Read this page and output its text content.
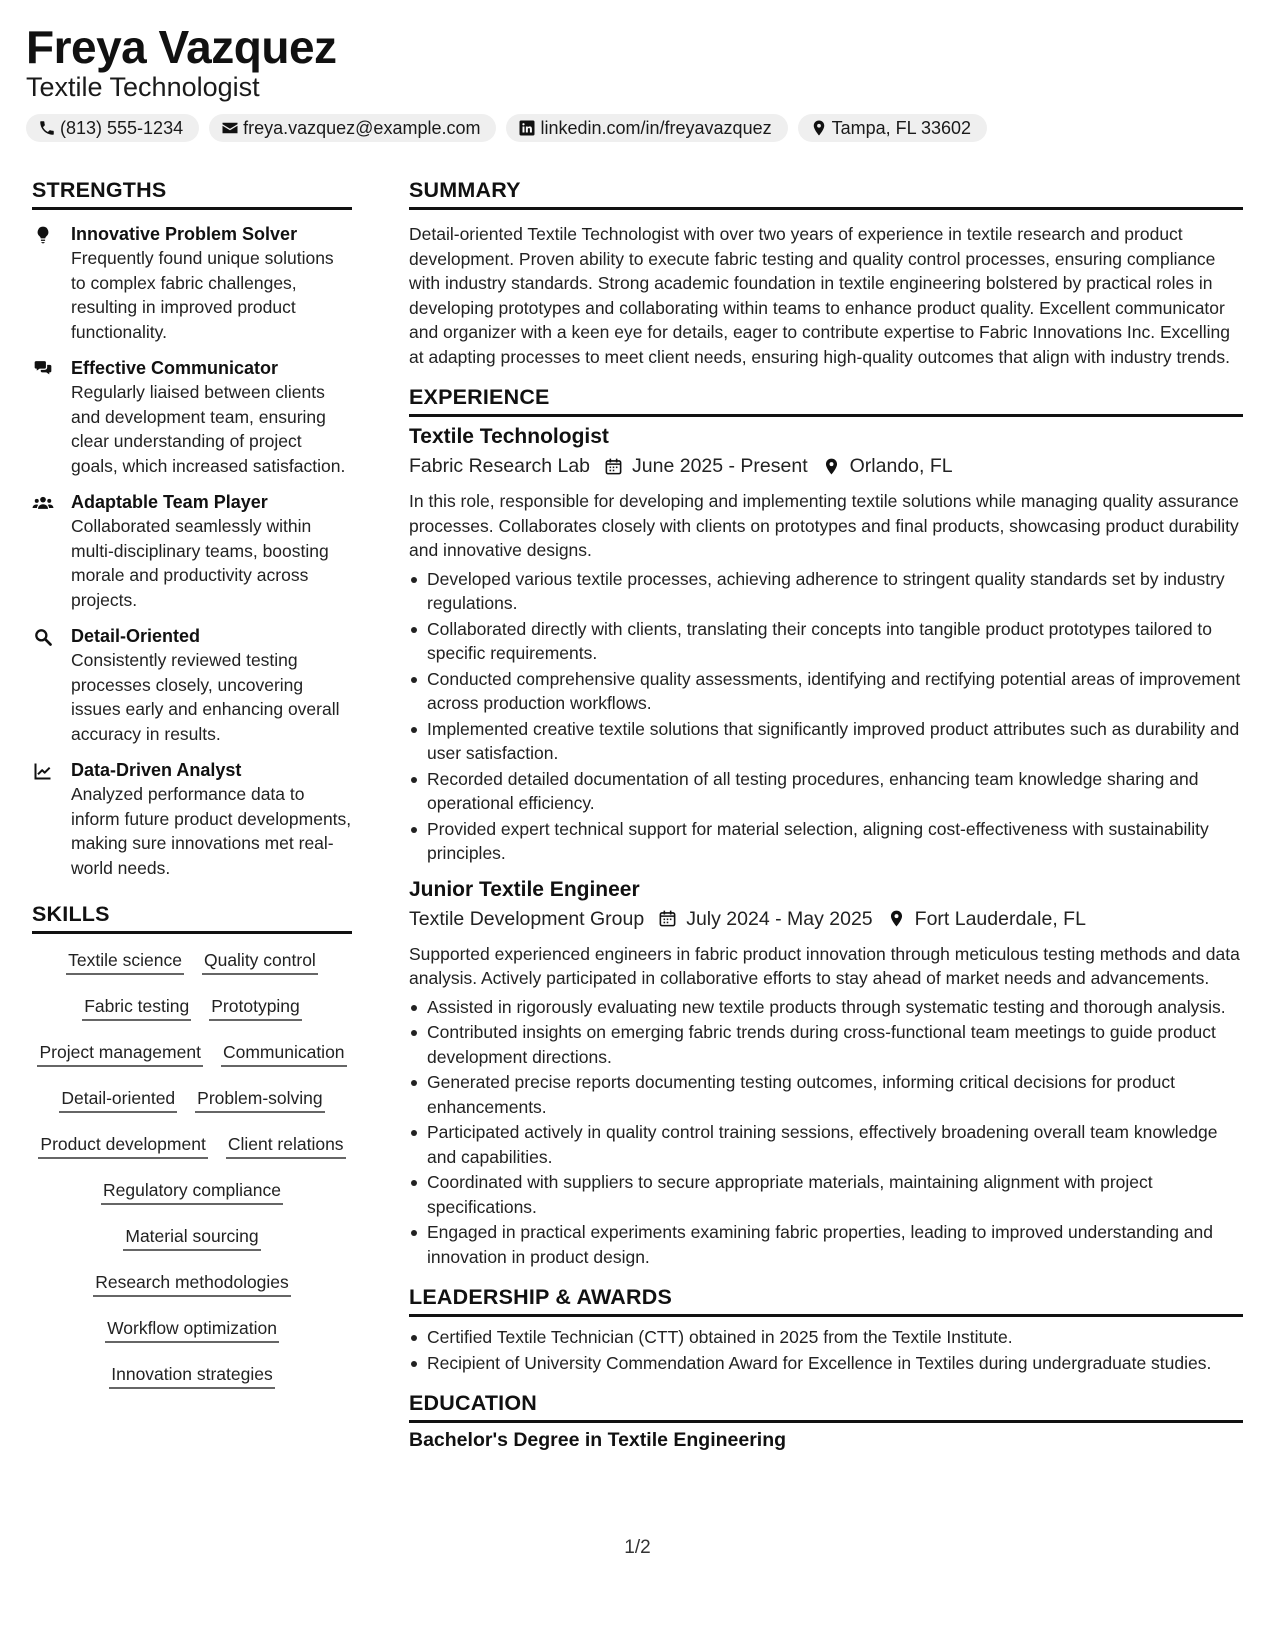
Freya Vazquez
Textile Technologist
(813) 555-1234	freya.vazquez@example.com	linkedin.com/in/freyavazquez	Tampa, FL 33602
STRENGTHS
Innovative Problem Solver
Frequently found unique solutions to complex fabric challenges, resulting in improved product functionality.
Effective Communicator
Regularly liaised between clients and development team, ensuring clear understanding of project goals, which increased satisfaction.
Adaptable Team Player
Collaborated seamlessly within multi-disciplinary teams, boosting morale and productivity across projects.
Detail-Oriented
Consistently reviewed testing processes closely, uncovering issues early and enhancing overall accuracy in results.
Data-Driven Analyst
Analyzed performance data to inform future product developments, making sure innovations met real-world needs.
SKILLS
Textile science Quality control
Fabric testing Prototyping
Project management Communication
Detail-oriented Problem-solving
Product development Client relations
Regulatory compliance
Material sourcing
Research methodologies
Workflow optimization
Innovation strategies
SUMMARY

Detail-oriented Textile Technologist with over two years of experience in textile research and product development. Proven ability to execute fabric testing and quality control processes, ensuring compliance with industry standards. Strong academic foundation in textile engineering bolstered by practical roles in developing prototypes and collaborating within teams to enhance product quality. Excellent communicator and organizer with a keen eye for details, eager to contribute expertise to Fabric Innovations Inc. Excelling at adapting processes to meet client needs, ensuring high-quality outcomes that align with industry trends.

EXPERIENCE
Textile Technologist
Fabric Research Lab June 2025 - Present Orlando, FL

In this role, responsible for developing and implementing textile solutions while managing quality assurance processes. Collaborates closely with clients on prototypes and final products, showcasing product durability and innovative designs.

Developed various textile processes, achieving adherence to stringent quality standards set by industry regulations.
Collaborated directly with clients, translating their concepts into tangible product prototypes tailored to specific requirements.
Conducted comprehensive quality assessments, identifying and rectifying potential areas of improvement across production workflows.
Implemented creative textile solutions that significantly improved product attributes such as durability and user satisfaction.
Recorded detailed documentation of all testing procedures, enhancing team knowledge sharing and operational efficiency.
Provided expert technical support for material selection, aligning cost-effectiveness with sustainability principles.
Junior Textile Engineer
Textile Development Group July 2024 - May 2025 Fort Lauderdale, FL

Supported experienced engineers in fabric product innovation through meticulous testing methods and data analysis. Actively participated in collaborative efforts to stay ahead of market needs and advancements.

Assisted in rigorously evaluating new textile products through systematic testing and thorough analysis.
Contributed insights on emerging fabric trends during cross-functional team meetings to guide product development directions.
Generated precise reports documenting testing outcomes, informing critical decisions for product enhancements.
Participated actively in quality control training sessions, effectively broadening overall team knowledge and capabilities.
Coordinated with suppliers to secure appropriate materials, maintaining alignment with project specifications.
Engaged in practical experiments examining fabric properties, leading to improved understanding and innovation in product design.
LEADERSHIP & AWARDS
Certified Textile Technician (CTT) obtained in 2025 from the Textile Institute.
Recipient of University Commendation Award for Excellence in Textiles during undergraduate studies.
EDUCATION
Bachelor's Degree in Textile Engineering
1/2
